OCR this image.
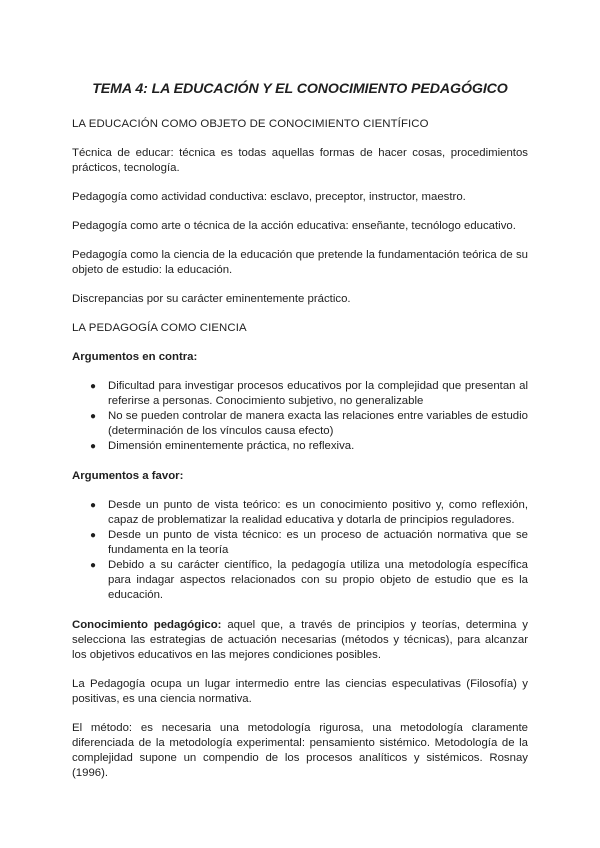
TEMA 4: LA EDUCACIÓN Y EL CONOCIMIENTO PEDAGÓGICO
LA EDUCACIÓN COMO OBJETO DE CONOCIMIENTO CIENTÍFICO

Técnica de educar: técnica es todas aquellas formas de hacer cosas, procedimientos prácticos, tecnología.

Pedagogía como actividad conductiva: esclavo, preceptor, instructor, maestro.

Pedagogía como arte o técnica de la acción educativa: enseñante, tecnólogo educativo.

Pedagogía como la ciencia de la educación que pretende la fundamentación teórica de su objeto de estudio: la educación.

Discrepancias por su carácter eminentemente práctico.

LA PEDAGOGÍA COMO CIENCIA
Argumentos en contra:
● Dificultad para investigar procesos educativos por la complejidad que presentan al referirse a personas. Conocimiento subjetivo, no generalizable
● No se pueden controlar de manera exacta las relaciones entre variables de estudio (determinación de los vínculos causa efecto)
● Dimensión eminentemente práctica, no reflexiva.
Argumentos a favor:
● Desde un punto de vista teórico: es un conocimiento positivo y, como reflexión, capaz de problematizar la realidad educativa y dotarla de principios reguladores.
● Desde un punto de vista técnico: es un proceso de actuación normativa que se fundamenta en la teoría
● Debido a su carácter científico, la pedagogía utiliza una metodología específica para indagar aspectos relacionados con su propio objeto de estudio que es la educación.

Conocimiento pedagógico: aquel que, a través de principios y teorías, determina y selecciona las estrategias de actuación necesarias (métodos y técnicas), para alcanzar los objetivos educativos en las mejores condiciones posibles.

La Pedagogía ocupa un lugar intermedio entre las ciencias especulativas (Filosofía) y positivas, es una ciencia normativa.

El método: es necesaria una metodología rigurosa, una metodología claramente diferenciada de la metodología experimental: pensamiento sistémico. Metodología de la complejidad supone un compendio de los procesos analíticos y sistémicos. Rosnay (1996).
